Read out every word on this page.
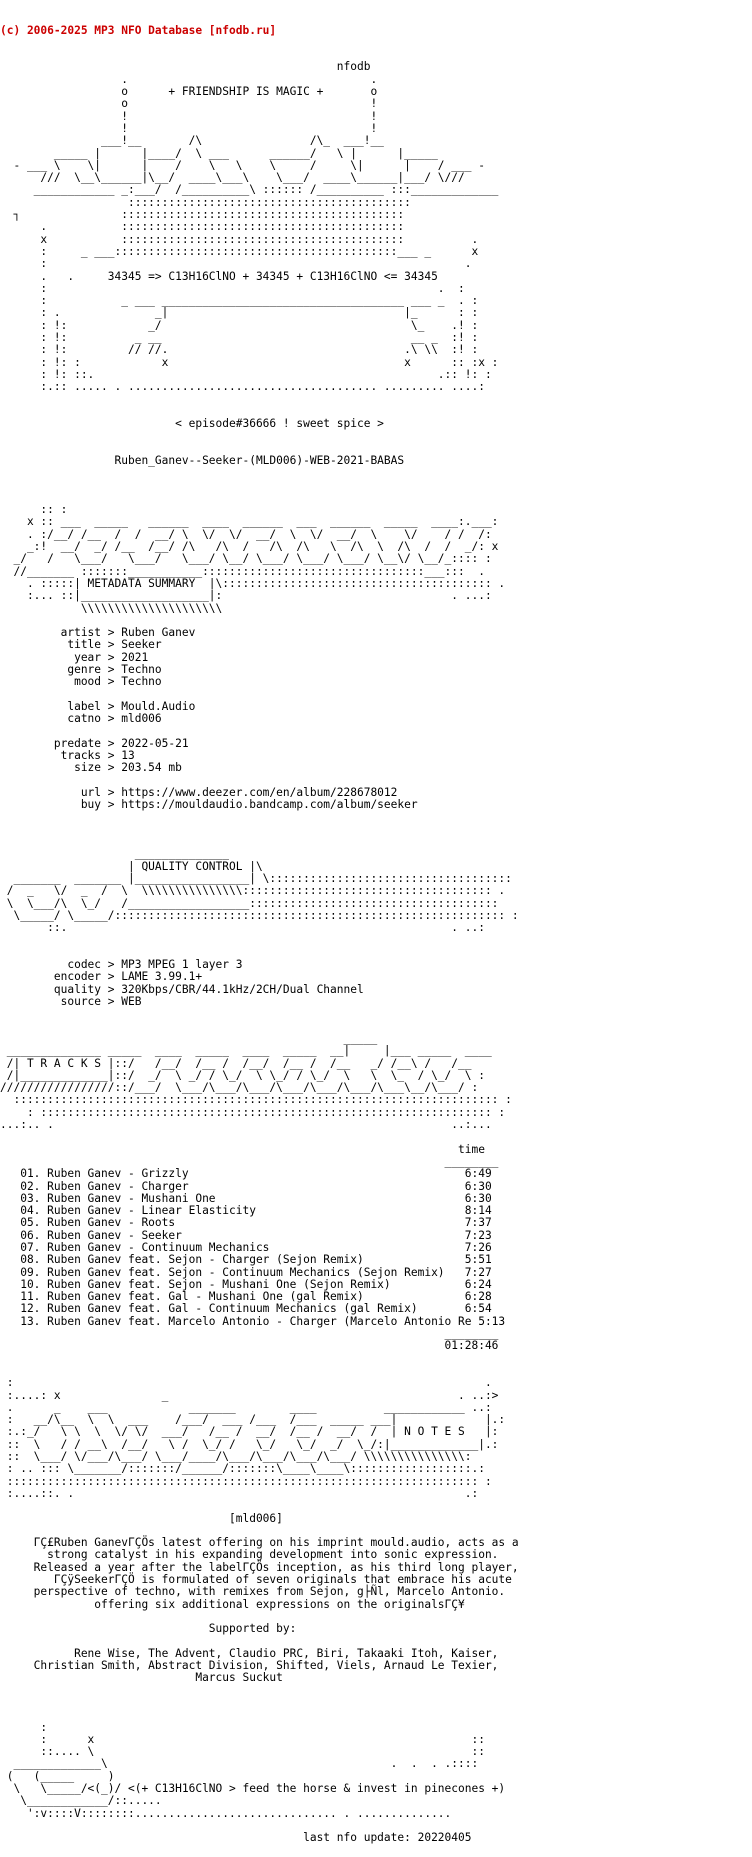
(c) 2006-2025 MP3 NFO Database [nfodb.ru]

nfodb
.                                    .
o      + FRIENDSHIP IS MAGIC +       o
o                                    !
!                                    !
!                                    !
___!__       /\                /\_  ___!__
_____ |      |____/  \ ___      ______/   \ |      |_____
- ___ \    \|      |    /    \   \    \     /     \|      |    / ___ -
///  \__\______|\__/  ____\___\    \___/  ____\______|___/ \///
____________ _:___/  /__________\ :::::: /__________ :::_____________
::::::::::::::::::::::::::::::::::::::::::
┐               ::::::::::::::::::::::::::::::::::::::::::
.           ::::::::::::::::::::::::::::::::::::::::::
x           ::::::::::::::::::::::::::::::::::::::::::          .
:     _ ___::::::::::::::::::::::::::::::::::::::::::___ _      x
:                                                              .
.   .     34345 => C13H16ClNO + 34345 + C13H16ClNO <= 34345
:                                                          .  :
:           _ ___ ____________________________________ ___ _  . :
: .              _|                                   |_      : :
: !:            _/                                     \_    .! :
: !:          _ __                                     __ _  :! :
: !:         // //.                                   .\ \\  :! :
: !: :            x                                   x      :: :x :
: !: ::.                                                   .:: !: :
:.:: ..... . ..................................... ......... ....:
< episode#36666 ! sweet spice >
Ruben_Ganev--Seeker-(MLD006)-WEB-2021-BABAS
:: :
x :: ___  _____   ______  ____  ______  ___  ______  _____  ____:.___:
. :/__/ /__  /  /  __/ \  \/  \/  __/  \  \/  __/  \    \/    / /  /:
_:!  __/  _/ /__  /__/ /\   /\  /   /\  /\   \  /\  \  /\  /  /  _/: x
_/   /   \___/   \___/   \___/ \__/ \___/ \___/ \___/ \__\/ \__/_:::: :
//_______ :::::::___________:::::::::::::::::::::::::::::::::___:::  .
. :::::| METADATA SUMMARY  |\:::::::::::::::::::::::::::::::::::::::: .
:... ::|___________________|:                                  . ...:
\\\\\\\\\\\\\\\\\\\\\
artist > Ruben Ganev
title > Seeker
year > 2021
genre > Techno
mood > Techno
label > Mould.Audio
catno > mld006
predate > 2022-05-21
tracks > 13
size > 203.54 mb
url > https://www.deezer.com/en/album/228678012
buy > https://mouldaudio.bandcamp.com/album/seeker
______________
| QUALITY CONTROL |\
_______  _______ |_________________| \::::::::::::::::::::::::::::::::::::
/  _   \/  _  /  \  \\\\\\\\\\\\\\\::::::::::::::::::::::::::::::::::::: .
\  \___/\  \_/   /__________________:::::::::::::::::::::::::::::::::::::
\_____/ \_____/:::::::::::::::::::::::::::::::::::::::::::::::::::::::::: :
::.                                                         . ..:
codec > MP3 MPEG 1 layer 3
encoder > LAME 3.99.1+
quality > 320Kbps/CBR/44.1kHz/2CH/Dual Channel
source > WEB
_____
______________ _____  ____  _____  ____  _____  __|     |___ _____  ____
/| T R A C K S |::/   /__/  /__ /  /__/  /__ /  /__   _/ /__\ /   /__
/|_____________|::/  _/  \ _/ / \_/  \ \_/ / \_/  \   \  \_  / \_/  \ :
/////////////////::/___/  \___/\___/\___/\___/\___/\___/\___\__/\___/ :
:::::::::::::::::::::::::::::::::::::::::::::::::::::::::::::::::::::::: :
: ::::::::::::::::::::::::::::::::::::::::::::::::::::::::::::::::::: :
...:.. .                                                           ..:...
time
________
01. Ruben Ganev - Grizzly                                         6:49
02. Ruben Ganev - Charger                                         6:30
03. Ruben Ganev - Mushani One                                     6:30
04. Ruben Ganev - Linear Elasticity                               8:14
05. Ruben Ganev - Roots                                           7:37
06. Ruben Ganev - Seeker                                          7:23
07. Ruben Ganev - Continuum Mechanics                             7:26
08. Ruben Ganev feat. Sejon - Charger (Sejon Remix)               5:51
09. Ruben Ganev feat. Sejon - Continuum Mechanics (Sejon Remix)   7:27
10. Ruben Ganev feat. Sejon - Mushani One (Sejon Remix)           6:24
11. Ruben Ganev feat. Gal - Mushani One (gal Remix)               6:28
12. Ruben Ganev feat. Gal - Continuum Mechanics (gal Remix)       6:54
13. Ruben Ganev feat. Marcelo Antonio - Charger (Marcelo Antonio Re 5:13
________
01:28:46
:                                                                      .
:....: x               _                                           . ..:>
.      _    ___            _______        ____          ____________ ..:
:   __/\__  \  \  ___    /___/  ___ /___  /___  _____ ___|             |.:
:.:_/   \ \  \  \/ \/  ___/   /__ /  __/  /__ /  __/  /  | N O T E S   |:
::  \   / / __\  /__/   \ /  \_/ /   \_/   \_/  _/  \_/:|_____________|.:
::  \___/ \/___/\___/ \___/____/\___/\___/\___/\___/ \\\\\\\\\\\\\\\:
: .. ::: \_______/:::::::/______/:::::::\____\____\::::::::::::::::::.:
:::::::::::::::::::::::::::::::::::::::::::::::::::::::::::::::::::::: :
:....::. .                                                          .:
[mld006]
ΓÇ£Ruben GanevΓÇÖs latest offering on his imprint mould.audio, acts as a
strong catalyst in his expanding development into sonic expression.
Released a year after the labelΓÇÖs inception, as his third long player,
ΓÇÿSeekerΓÇÖ is formulated of seven originals that embrace his acute
perspective of techno, with remixes from Sejon, g├Ñl, Marcelo Antonio.
offering six additional expressions on the originalsΓÇ¥
Supported by:
Rene Wise, The Advent, Claudio PRC, Biri, Takaaki Itoh, Kaiser,
Christian Smith, Abstract Division, Shifted, Viels, Arnaud Le Texier,
Marcus Suckut
:
:      x                                                        ::
::.... \                                                        ::
_____________\                                          .  .  . .::::
(   (_____     )
\   \_____/<(_)/ <(+ C13H16ClNO > feed the horse & invest in pinecones +)
\____________/::.....
':v::::V::::::::.............................. . ..............
last nfo update: 20220405
